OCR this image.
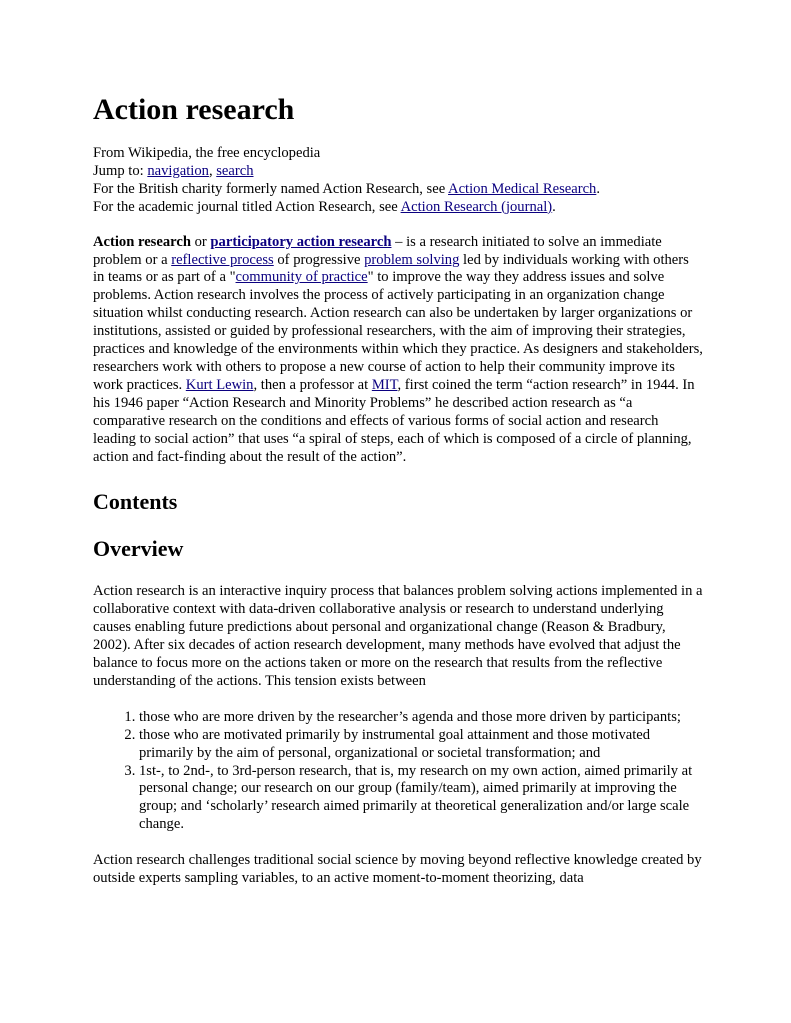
Action research
From Wikipedia, the free encyclopedia
Jump to: navigation, search
For the British charity formerly named Action Research, see Action Medical Research.
For the academic journal titled Action Research, see Action Research (journal).

Action research or participatory action research – is a research initiated to solve an immediate problem or a reflective process of progressive problem solving led by individuals working with others in teams or as part of a "community of practice" to improve the way they address issues and solve problems. Action research involves the process of actively participating in an organization change situation whilst conducting research. Action research can also be undertaken by larger organizations or institutions, assisted or guided by professional researchers, with the aim of improving their strategies, practices and knowledge of the environments within which they practice. As designers and stakeholders, researchers work with others to propose a new course of action to help their community improve its work practices. Kurt Lewin, then a professor at MIT, first coined the term “action research” in 1944. In his 1946 paper “Action Research and Minority Problems” he described action research as “a comparative research on the conditions and effects of various forms of social action and research leading to social action” that uses “a spiral of steps, each of which is composed of a circle of planning, action and fact-finding about the result of the action”.

Contents
Overview

Action research is an interactive inquiry process that balances problem solving actions implemented in a collaborative context with data-driven collaborative analysis or research to understand underlying causes enabling future predictions about personal and organizational change (Reason & Bradbury, 2002). After six decades of action research development, many methods have evolved that adjust the balance to focus more on the actions taken or more on the research that results from the reflective understanding of the actions. This tension exists between

1. those who are more driven by the researcher’s agenda and those more driven by participants;
2. those who are motivated primarily by instrumental goal attainment and those motivated primarily by the aim of personal, organizational or societal transformation; and
3. 1st-, to 2nd-, to 3rd-person research, that is, my research on my own action, aimed primarily at personal change; our research on our group (family/team), aimed primarily at improving the group; and ‘scholarly’ research aimed primarily at theoretical generalization and/or large scale change.

Action research challenges traditional social science by moving beyond reflective knowledge created by outside experts sampling variables, to an active moment-to-moment theorizing, data
